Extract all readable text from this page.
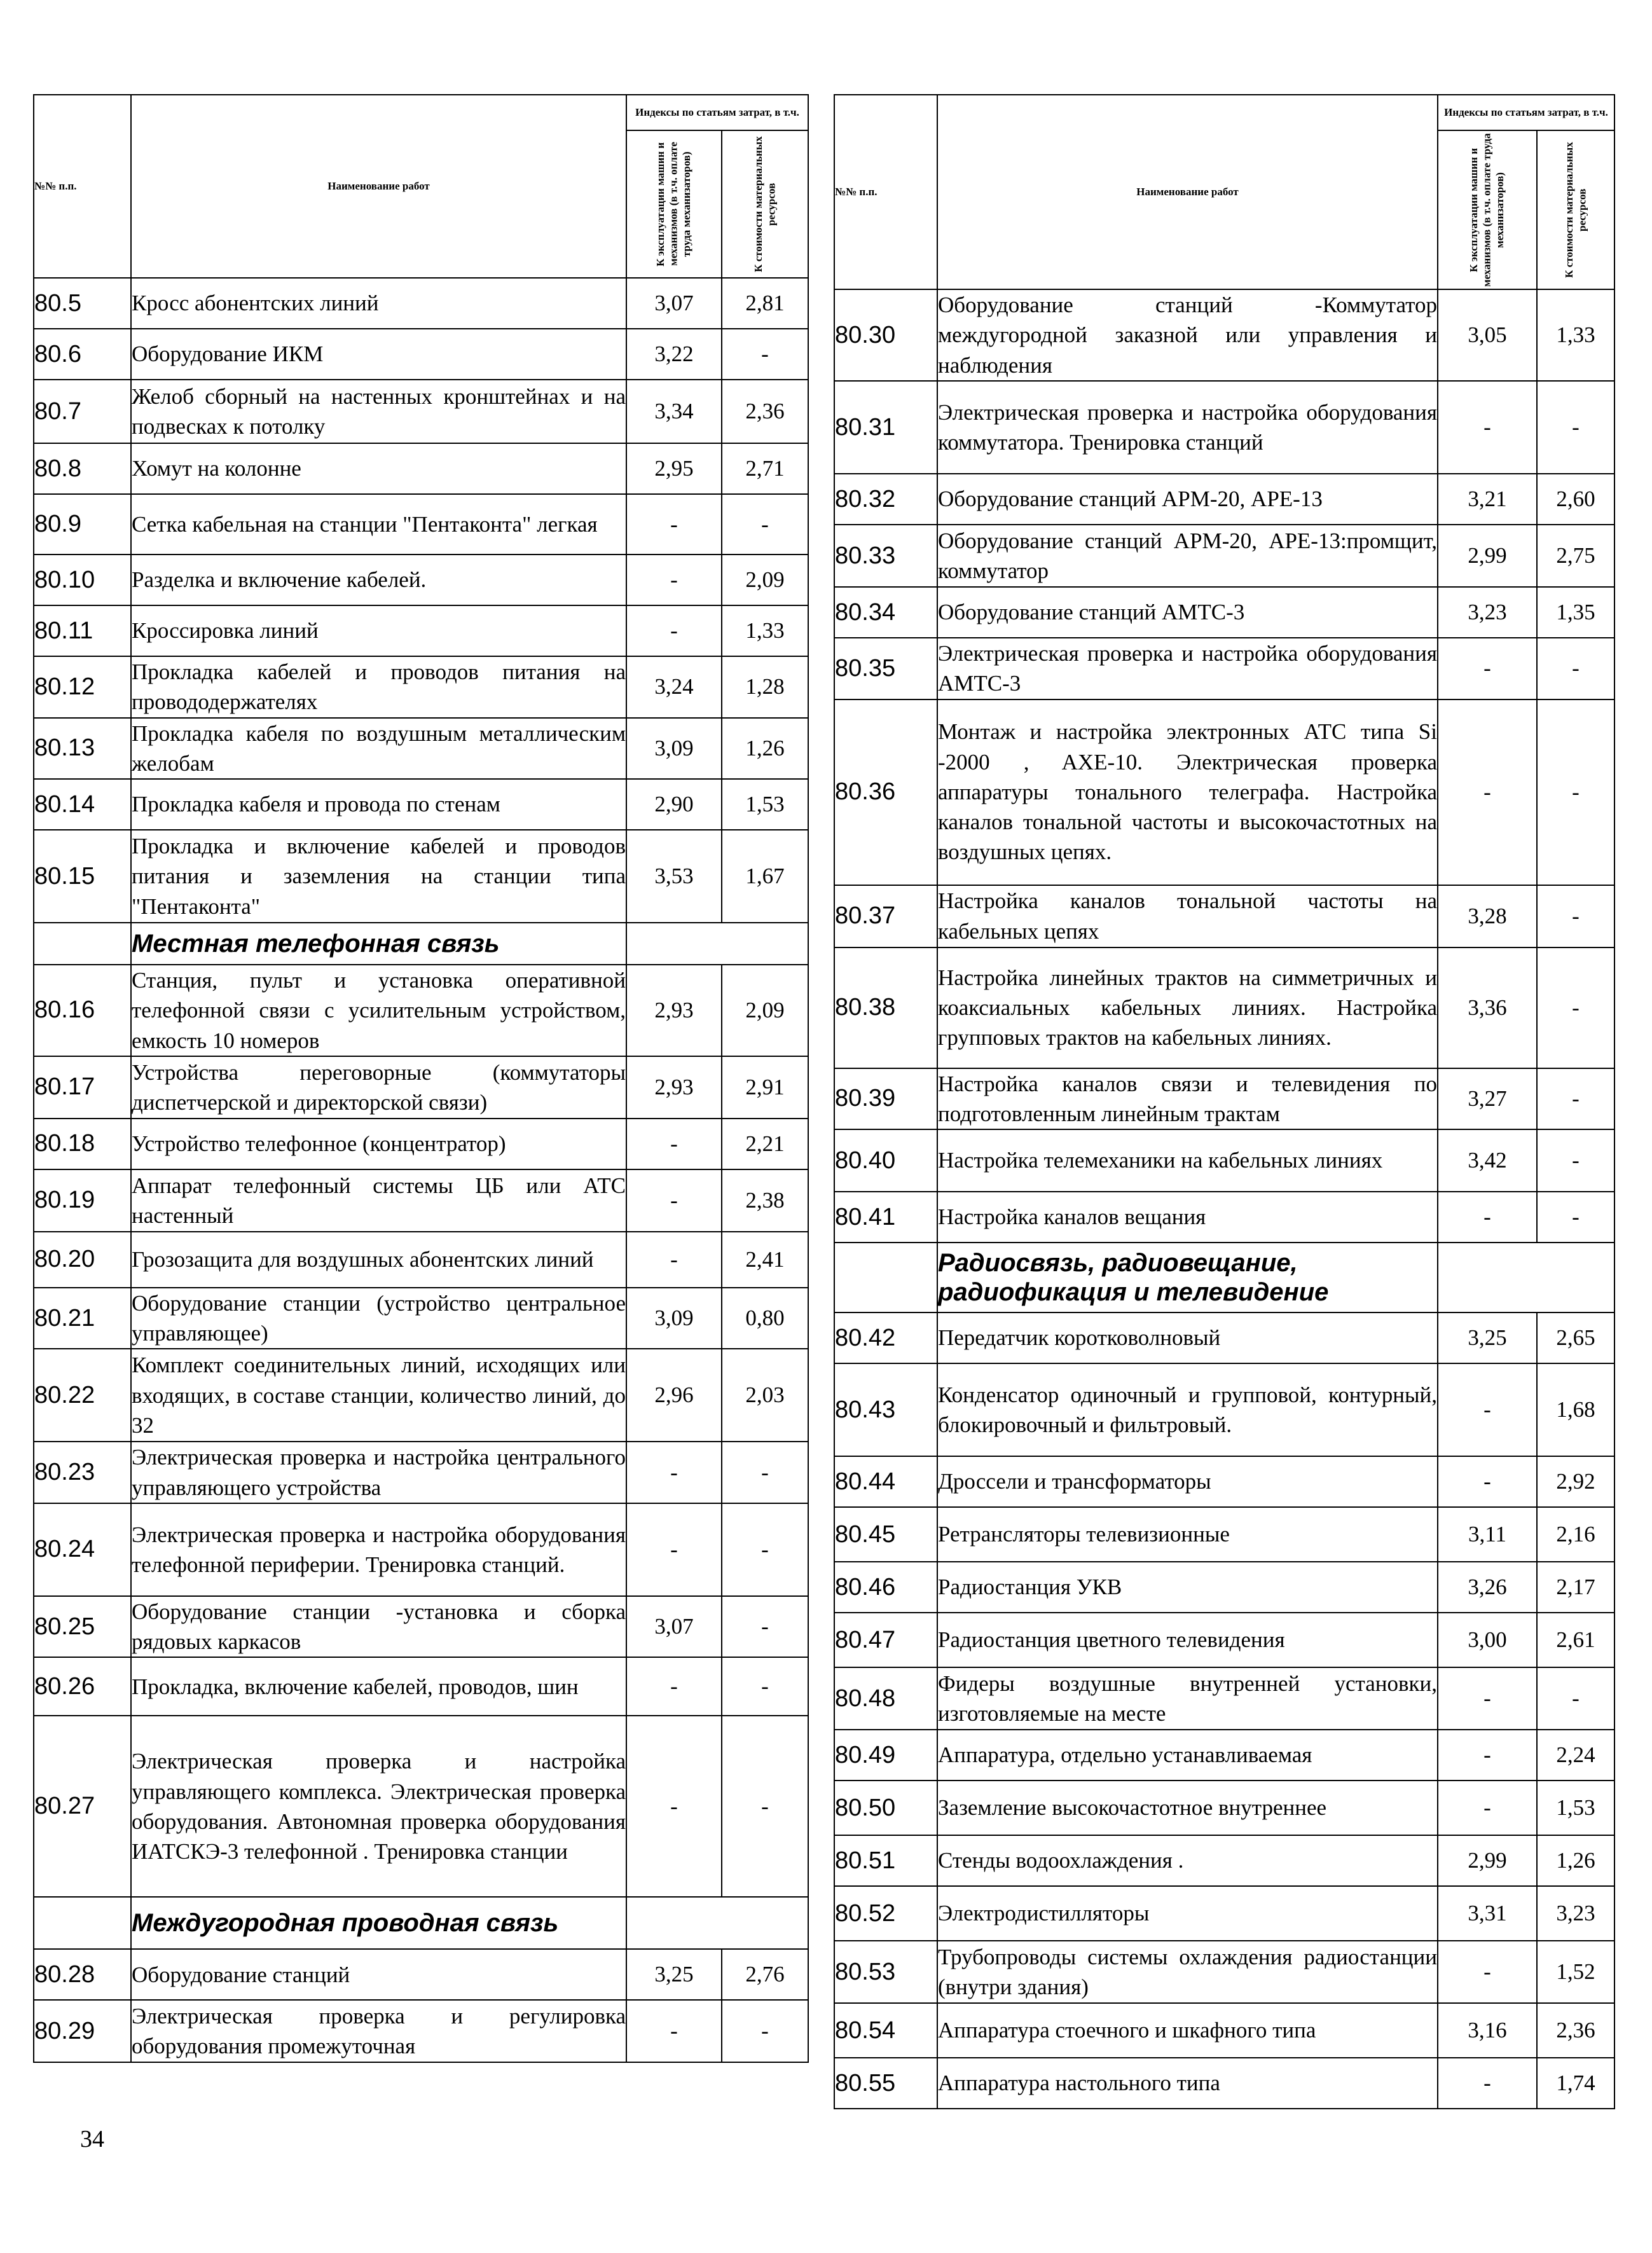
№№ п.п.	Наименование работ	Индексы по статьям затрат, в т.ч.	

		К эксплуатации машин и механизмов (в т.ч. оплате труда механизаторов)	К стоимости материальных ресурсов

80.5	Кросс абонентских линий	3,07	2,81
80.6	Оборудование ИКМ	3,22	-
80.7	Желоб сборный на настенных кронштейнах и на подвесках к потолку	3,34	2,36
80.8	Хомут на колонне	2,95	2,71
80.9	Сетка кабельная на станции "Пентаконта" легкая	-	-
80.10	Разделка и включение кабелей.	-	2,09
80.11	Кроссировка линий	-	1,33
80.12	Прокладка кабелей и проводов питания на провододержателях	3,24	1,28
80.13	Прокладка кабеля по воздушным металлическим желобам	3,09	1,26
80.14	Прокладка кабеля и провода по стенам	2,90	1,53
80.15	Прокладка и включение кабелей и проводов питания и заземления на станции типа "Пентаконта"	3,53	1,67
	Местная телефонная связь		
80.16	Станция, пульт и установка оперативной телефонной связи с усилительным устройством, емкость 10 номеров	2,93	2,09
80.17	Устройства переговорные (коммутаторы диспетчерской и директорской связи)	2,93	2,91
80.18	Устройство телефонное (концентратор)	-	2,21
80.19	Аппарат телефонный системы ЦБ или АТС настенный	-	2,38
80.20	Грозозащита для воздушных абонентских линий	-	2,41
80.21	Оборудование станции (устройство центральное управляющее)	3,09	0,80
80.22	Комплект соединительных линий, исходящих или входящих, в составе станции, количество линий, до 32	2,96	2,03
80.23	Электрическая проверка и настройка центрального управляющего устройства	-	-
80.24	Электрическая проверка и настройка оборудования телефонной периферии. Тренировка станций.	-	-
80.25	Оборудование станции -установка и сборка рядовых каркасов	3,07	-
80.26	Прокладка, включение кабелей, проводов, шин	-	-
80.27	Электрическая проверка и настройка управляющего комплекса. Электрическая проверка оборудования. Автономная проверка оборудования ИАТСКЭ-3 телефонной . Тренировка станции	-	-
	Междугородная проводная связь		
80.28	Оборудование станций	3,25	2,76
80.29	Электрическая проверка и регулировка оборудования промежуточная	-	-
№№ п.п.	Наименование работ	Индексы по статьям затрат, в т.ч.	

		К эксплуатации машин и механизмов (в т.ч. оплате труда механизаторов)	К стоимости материальных ресурсов

80.30	Оборудование станций -Коммутатор междугородной заказной или управления и наблюдения	3,05	1,33
80.31	Электрическая проверка и настройка оборудования коммутатора. Тренировка станций	-	-
80.32	Оборудование станций АРМ-20, АРЕ-13	3,21	2,60
80.33	Оборудование станций АРМ-20, АРЕ-13:промщит, коммутатор	2,99	2,75
80.34	Оборудование станций АМТС-3	3,23	1,35
80.35	Электрическая проверка и настройка оборудования АМТС-3	-	-
80.36	Монтаж и настройка электронных АТС типа Si -2000 , AXE-10. Электрическая проверка аппаратуры тонального телеграфа. Настройка каналов тональной частоты и высокочастотных на воздушных цепях.	-	-
80.37	Настройка каналов тональной частоты на кабельных цепях	3,28	-
80.38	Настройка линейных трактов на симметричных и коаксиальных кабельных линиях. Настройка групповых трактов на кабельных линиях.	3,36	-
80.39	Настройка каналов связи и телевидения по подготовленным линейным трактам	3,27	-
80.40	Настройка телемеханики на кабельных линиях	3,42	-
80.41	Настройка каналов вещания	-	-
	Радиосвязь, радиовещание, радиофикация и телевидение		
80.42	Передатчик коротковолновый	3,25	2,65
80.43	Конденсатор одиночный и групповой, контурный, блокировочный и фильтровый.	-	1,68
80.44	Дроссели и трансформаторы	-	2,92
80.45	Ретрансляторы телевизионные	3,11	2,16
80.46	Радиостанция УКВ	3,26	2,17
80.47	Радиостанция цветного телевидения	3,00	2,61
80.48	Фидеры воздушные внутренней установки, изготовляемые на месте	-	-
80.49	Аппаратура, отдельно устанавливаемая	-	2,24
80.50	Заземление высокочастотное внутреннее	-	1,53
80.51	Стенды водоохлаждения .	2,99	1,26
80.52	Электродистилляторы	3,31	3,23
80.53	Трубопроводы системы охлаждения радиостанции (внутри здания)	-	1,52
80.54	Аппаратура стоечного и шкафного типа	3,16	2,36
80.55	Аппаратура настольного типа	-	1,74
34
